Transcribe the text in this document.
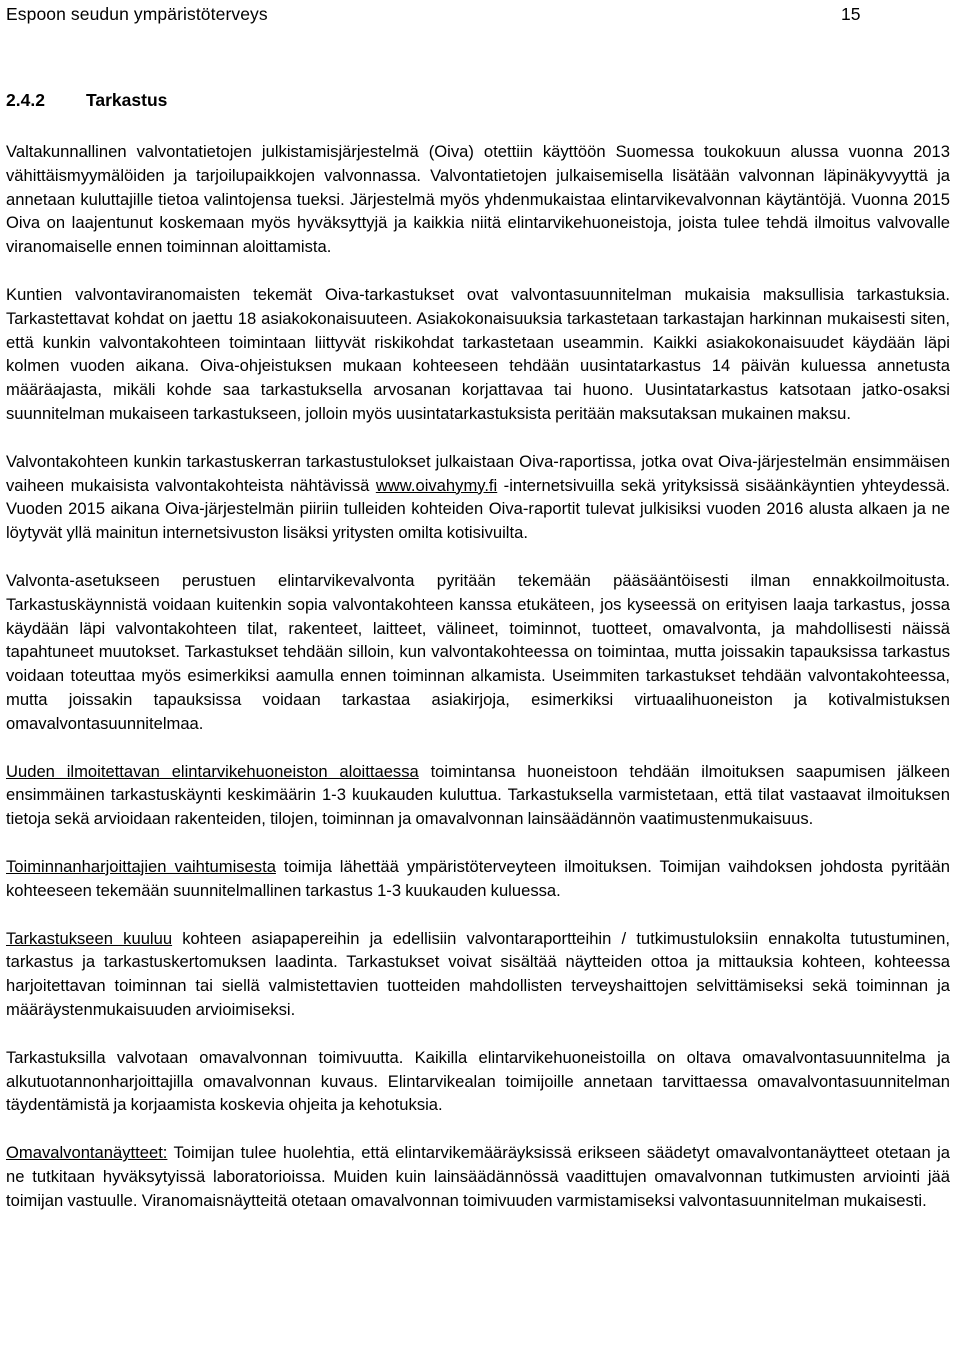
Espoon seudun ympäristöterveys	15
2.4.2 Tarkastus

Valtakunnallinen valvontatietojen julkistamisjärjestelmä (Oiva) otettiin käyttöön Suomessa toukokuun alussa vuonna 2013 vähittäismyymälöiden ja tarjoilupaikkojen valvonnassa. Valvontatietojen julkaisemisella lisätään valvonnan läpinäkyvyyttä ja annetaan kuluttajille tietoa valintojensa tueksi. Järjestelmä myös yhdenmukaistaa elintarvikevalvonnan käytäntöjä. Vuonna 2015 Oiva on laajentunut koskemaan myös hyväksyttyjä ja kaikkia niitä elintarvikehuoneistoja, joista tulee tehdä ilmoitus valvovalle viranomaiselle ennen toiminnan aloittamista.

Kuntien valvontaviranomaisten tekemät Oiva-tarkastukset ovat valvontasuunnitelman mukaisia maksullisia tarkastuksia. Tarkastettavat kohdat on jaettu 18 asiakokonaisuuteen. Asiakokonaisuuksia tarkastetaan tarkastajan harkinnan mukaisesti siten, että kunkin valvontakohteen toimintaan liittyvät riskikohdat tarkastetaan useammin. Kaikki asiakokonaisuudet käydään läpi kolmen vuoden aikana. Oiva-ohjeistuksen mukaan kohteeseen tehdään uusintatarkastus 14 päivän kuluessa annetusta määräajasta, mikäli kohde saa tarkastuksella arvosanan korjattavaa tai huono. Uusintatarkastus katsotaan jatko-osaksi suunnitelman mukaiseen tarkastukseen, jolloin myös uusintatarkastuksista peritään maksutaksan mukainen maksu.

Valvontakohteen kunkin tarkastuskerran tarkastustulokset julkaistaan Oiva-raportissa, jotka ovat Oiva-järjestelmän ensimmäisen vaiheen mukaisista valvontakohteista nähtävissä www.oivahymy.fi -internetsivuilla sekä yrityksissä sisäänkäyntien yhteydessä. Vuoden 2015 aikana Oiva-järjestelmän piiriin tulleiden kohteiden Oiva-raportit tulevat julkisiksi vuoden 2016 alusta alkaen ja ne löytyvät yllä mainitun internetsivuston lisäksi yritysten omilta kotisivuilta.

Valvonta-asetukseen perustuen elintarvikevalvonta pyritään tekemään pääsääntöisesti ilman ennakkoilmoitusta. Tarkastuskäynnistä voidaan kuitenkin sopia valvontakohteen kanssa etukäteen, jos kyseessä on erityisen laaja tarkastus, jossa käydään läpi valvontakohteen tilat, rakenteet, laitteet, välineet, toiminnot, tuotteet, omavalvonta, ja mahdollisesti näissä tapahtuneet muutokset. Tarkastukset tehdään silloin, kun valvontakohteessa on toimintaa, mutta joissakin tapauksissa tarkastus voidaan toteuttaa myös esimerkiksi aamulla ennen toiminnan alkamista. Useimmiten tarkastukset tehdään valvontakohteessa, mutta joissakin tapauksissa voidaan tarkastaa asiakirjoja, esimerkiksi virtuaalihuoneiston ja kotivalmistuksen omavalvontasuunnitelmaa.

Uuden ilmoitettavan elintarvikehuoneiston aloittaessa toimintansa huoneistoon tehdään ilmoituksen saapumisen jälkeen ensimmäinen tarkastuskäynti keskimäärin 1-3 kuukauden kuluttua. Tarkastuksella varmistetaan, että tilat vastaavat ilmoituksen tietoja sekä arvioidaan rakenteiden, tilojen, toiminnan ja omavalvonnan lainsäädännön vaatimustenmukaisuus.

Toiminnanharjoittajien vaihtumisesta toimija lähettää ympäristöterveyteen ilmoituksen. Toimijan vaihdoksen johdosta pyritään kohteeseen tekemään suunnitelmallinen tarkastus 1-3 kuukauden kuluessa.

Tarkastukseen kuuluu kohteen asiapapereihin ja edellisiin valvontaraportteihin / tutkimustuloksiin ennakolta tutustuminen, tarkastus ja tarkastuskertomuksen laadinta. Tarkastukset voivat sisältää näytteiden ottoa ja mittauksia kohteen, kohteessa harjoitettavan toiminnan tai siellä valmistettavien tuotteiden mahdollisten terveyshaittojen selvittämiseksi sekä toiminnan ja määräystenmukaisuuden arvioimiseksi.

Tarkastuksilla valvotaan omavalvonnan toimivuutta. Kaikilla elintarvikehuoneistoilla on oltava omavalvontasuunnitelma ja alkutuotannonharjoittajilla omavalvonnan kuvaus. Elintarvikealan toimijoille annetaan tarvittaessa omavalvontasuunnitelman täydentämistä ja korjaamista koskevia ohjeita ja kehotuksia.

Omavalvontanäytteet: Toimijan tulee huolehtia, että elintarvikemääräyksissä erikseen säädetyt omavalvontanäytteet otetaan ja ne tutkitaan hyväksytyissä laboratorioissa. Muiden kuin lainsäädännössä vaadittujen omavalvonnan tutkimusten arviointi jää toimijan vastuulle. Viranomaisnäytteitä otetaan omavalvonnan toimivuuden varmistamiseksi valvontasuunnitelman mukaisesti.
